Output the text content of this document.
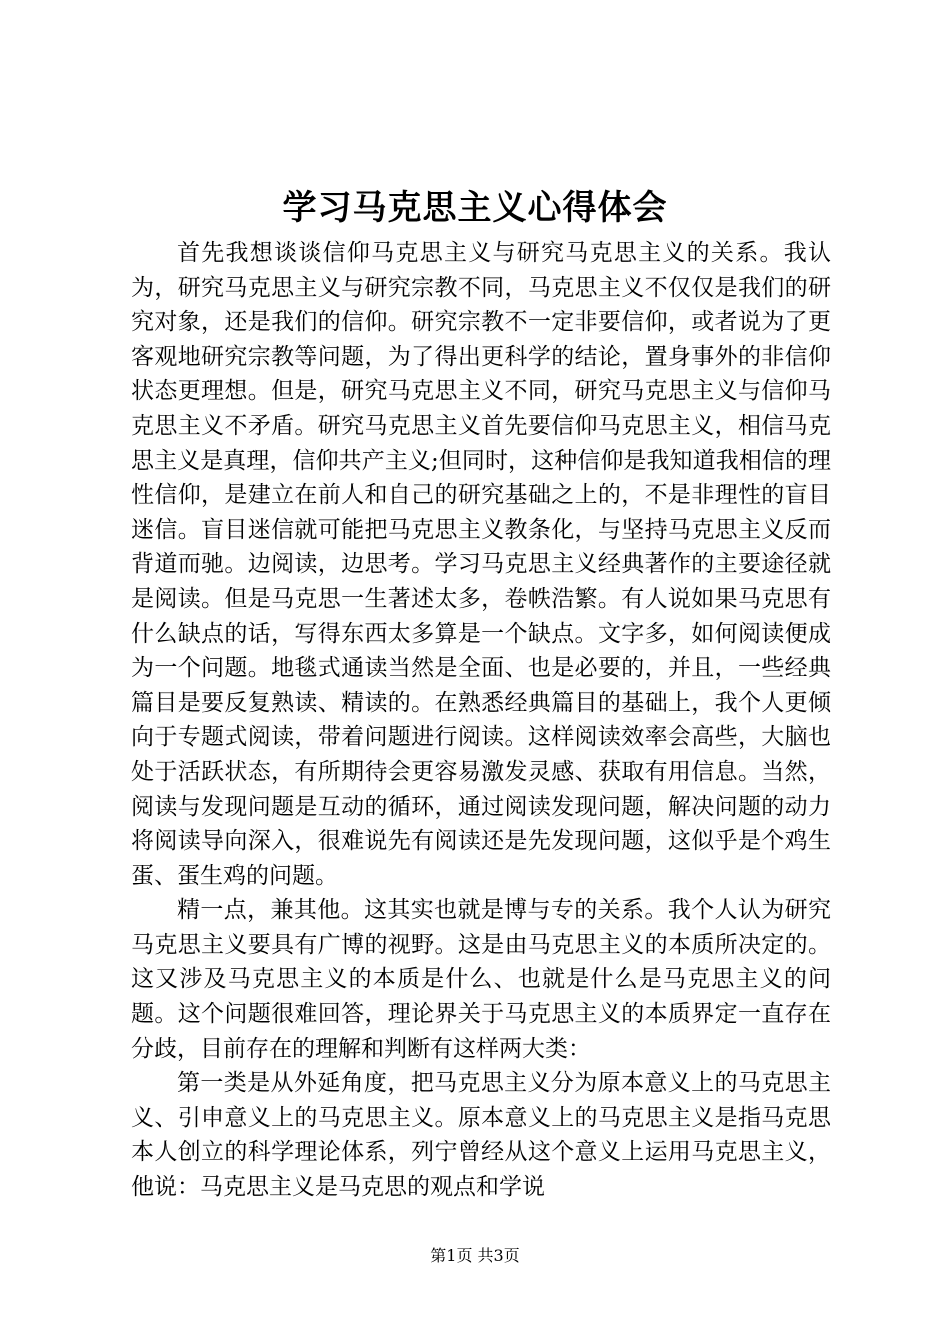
学习马克思主义心得体会

首先我想谈谈信仰马克思主义与研究马克思主义的关系。我认为，研究马克思主义与研究宗教不同，马克思主义不仅仅是我们的研究对象，还是我们的信仰。研究宗教不一定非要信仰，或者说为了更客观地研究宗教等问题，为了得出更科学的结论，置身事外的非信仰状态更理想。但是，研究马克思主义不同，研究马克思主义与信仰马克思主义不矛盾。研究马克思主义首先要信仰马克思主义，相信马克思主义是真理，信仰共产主义;但同时，这种信仰是我知道我相信的理性信仰，是建立在前人和自己的研究基础之上的，不是非理性的盲目迷信。盲目迷信就可能把马克思主义教条化，与坚持马克思主义反而背道而驰。边阅读，边思考。学习马克思主义经典著作的主要途径就是阅读。但是马克思一生著述太多，卷帙浩繁。有人说如果马克思有什么缺点的话，写得东西太多算是一个缺点。文字多，如何阅读便成为一个问题。地毯式通读当然是全面、也是必要的，并且，一些经典篇目是要反复熟读、精读的。在熟悉经典篇目的基础上，我个人更倾向于专题式阅读，带着问题进行阅读。这样阅读效率会高些，大脑也处于活跃状态，有所期待会更容易激发灵感、获取有用信息。当然，阅读与发现问题是互动的循环，通过阅读发现问题，解决问题的动力将阅读导向深入，很难说先有阅读还是先发现问题，这似乎是个鸡生蛋、蛋生鸡的问题。

精一点，兼其他。这其实也就是博与专的关系。我个人认为研究马克思主义要具有广博的视野。这是由马克思主义的本质所决定的。这又涉及马克思主义的本质是什么、也就是什么是马克思主义的问题。这个问题很难回答，理论界关于马克思主义的本质界定一直存在分歧，目前存在的理解和判断有这样两大类：

第一类是从外延角度，把马克思主义分为原本意义上的马克思主义、引申意义上的马克思主义。原本意义上的马克思主义是指马克思本人创立的科学理论体系，列宁曾经从这个意义上运用马克思主义，他说：马克思主义是马克思的观点和学说

第1页 共3页
